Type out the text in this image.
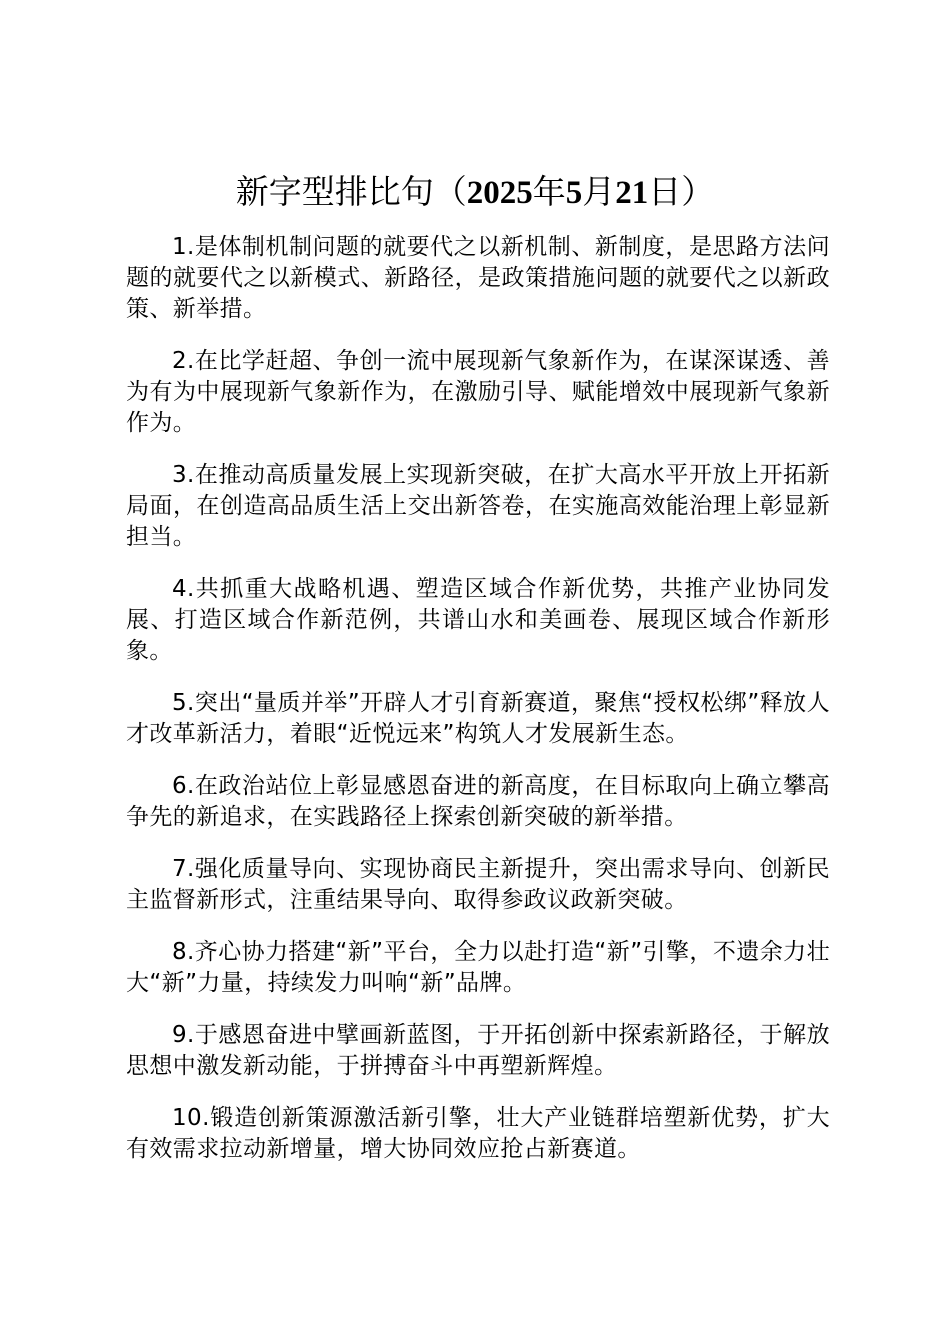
新字型排比句（2025年5月21日）

1.是体制机制问题的就要代之以新机制、新制度，是思路方法问题的就要代之以新模式、新路径，是政策措施问题的就要代之以新政策、新举措。

2.在比学赶超、争创一流中展现新气象新作为，在谋深谋透、善为有为中展现新气象新作为，在激励引导、赋能增效中展现新气象新作为。

3.在推动高质量发展上实现新突破，在扩大高水平开放上开拓新局面，在创造高品质生活上交出新答卷，在实施高效能治理上彰显新担当。

4.共抓重大战略机遇、塑造区域合作新优势，共推产业协同发展、打造区域合作新范例，共谱山水和美画卷、展现区域合作新形象。

5.突出“量质并举”开辟人才引育新赛道，聚焦“授权松绑”释放人才改革新活力，着眼“近悦远来”构筑人才发展新生态。

6.在政治站位上彰显感恩奋进的新高度，在目标取向上确立攀高争先的新追求，在实践路径上探索创新突破的新举措。

7.强化质量导向、实现协商民主新提升，突出需求导向、创新民主监督新形式，注重结果导向、取得参政议政新突破。

8.齐心协力搭建“新”平台，全力以赴打造“新”引擎，不遗余力壮大“新”力量，持续发力叫响“新”品牌。

9.于感恩奋进中擘画新蓝图，于开拓创新中探索新路径，于解放思想中激发新动能，于拼搏奋斗中再塑新辉煌。

10.锻造创新策源激活新引擎，壮大产业链群培塑新优势，扩大有效需求拉动新增量，增大协同效应抢占新赛道。
